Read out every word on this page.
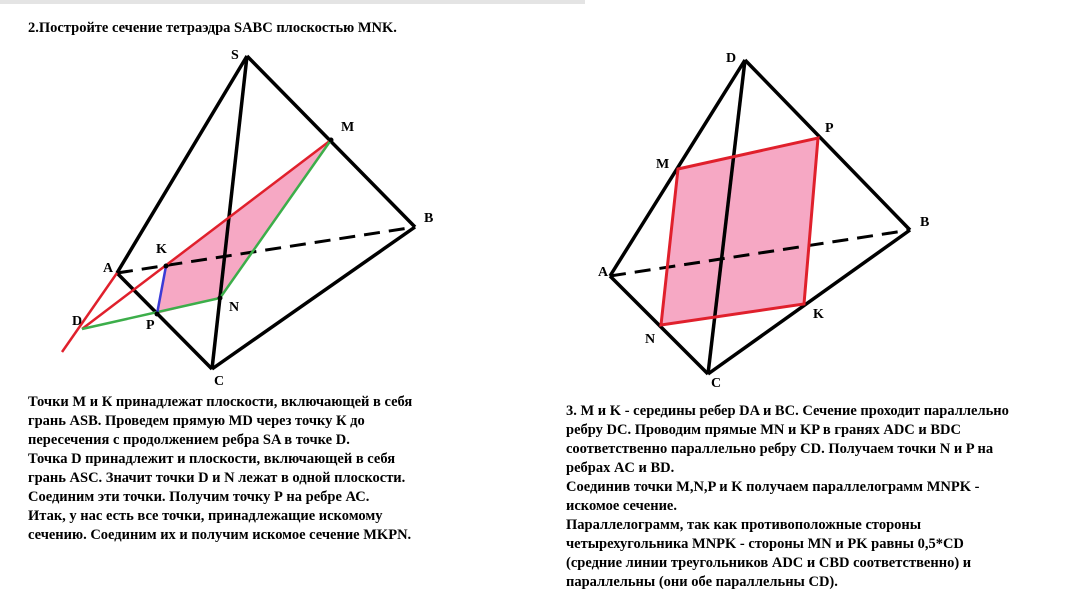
2.Постройте сечение тетраэдра SABC плоскостью MNK.
S
M
B
K
A
N
D	P
C
D
P
M
B
A
K
N
C
Точки М и К принадлежат плоскости, включающей в себя
грань ASB. Проведем прямую MD через точку К до
пересечения с продолжением ребра SA в точке D.
Точка D принадлежит и плоскости, включающей в себя
грань ASC. Значит точки D и N лежат в одной плоскости.
Соединим эти точки. Получим точку Р на ребре АС.
Итак, у нас есть все точки, принадлежащие искомому
сечению. Соединим их и получим искомое сечение MKPN.
3. M и K - середины ребер DA и BC. Сечение проходит параллельно
ребру DC. Проводим прямые MN и KP в гранях ADC и BDC
соответственно параллельно ребру CD. Получаем точки N и P на
ребрах AC и BD.
Соединив точки M,N,P и K получаем параллелограмм MNPK -
искомое сечение.
Параллелограмм, так как противоположные стороны
четырехугольника MNPK - стороны MN и PK равны 0,5*CD
(средние линии треугольников ADC и CBD соответственно) и
параллельны (они обе параллельны CD).
